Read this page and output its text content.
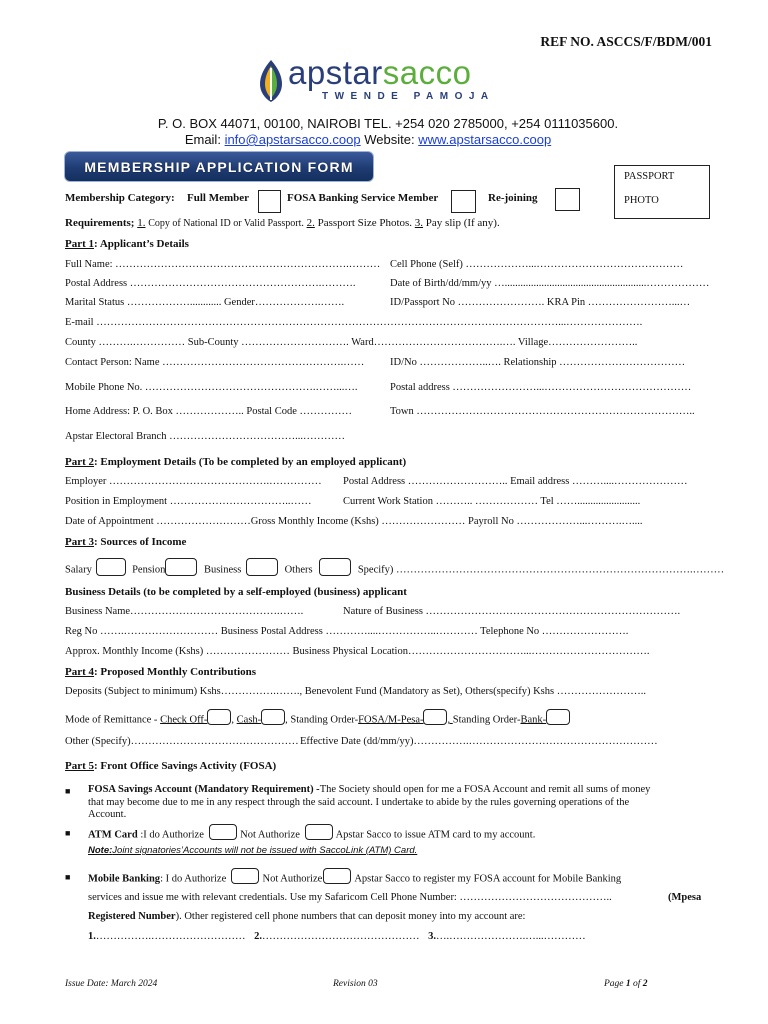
REF NO. ASCCS/F/BDM/001
apstarsacco
TWENDE PAMOJA
P. O. BOX 44071, 00100, NAIROBI TEL. +254 020 2785000, +254 0111035600.
Email: info@apstarsacco.coop Website: www.apstarsacco.coop
MEMBERSHIP APPLICATION FORM
PASSPORT
PHOTO
Membership Category: Full Member	FOSA Banking Service Member	Re-joining
Requirements; 1. Copy of National ID or Valid Passport. 2. Passport Size Photos. 3. Pay slip (If any).
Part 1: Applicant’s Details
Full Name: ………………………………………………………….……… Cell Phone (Self) ………………...……………………………………
Postal Address ……………………………………………….……….	Date of Birth/dd/mm/yy …......................................................………………
Marital Status ………………............ Gender……………….…….	ID/Passport No ……………………. KRA Pin ……………………...…
E-mail ……………………………………………………………………………………………………………………...………………….
County ……….…………… Sub-County …………………………. Ward……………………………….…. Village……………………..
Contact Person: Name …………………………………………….…… ID/No ………………..…. Relationship ………………………………
Mobile Phone No. ………………………………………….……...….	Postal address ……………………...……………………………………
Home Address: P. O. Box ……………….. Postal Code ……………	Town ……………………………………………………………………..
Apstar Electoral Branch ………………………………...…………
Part 2: Employment Details (To be completed by an employed applicant)
Employer ……………………………………….…………… Postal Address ……………………….. Email address ………....…………………
Position in Employment ……………………………..……	Current Work Station ……….. ……………… Tel ……........................
Date of Appointment ………………………Gross Monthly Income (Kshs) …………………… Payroll No ………………...……….…....
Part 3: Sources of Income
Salary	Pension	Business	Others	Specify) ………………………………………………………………………….………
Business Details (to be completed by a self-employed (business) applicant
Business Name…………………………………….…….	Nature of Business ……………………………………………………………….
Reg No …….……………………… Business Postal Address …………....……………..………… Telephone No …………………….
Approx. Monthly Income (Kshs) …………………… Business Physical Location……………………………...…………………………….
Part 4: Proposed Monthly Contributions
Deposits (Subject to minimum) Kshs…………….……., Benevolent Fund (Mandatory as Set), Others(specify) Kshs ……………………..
Mode of Remittance - Check Off- , Cash- , Standing Order-FOSA/M-Pesa- , Standing Order-Bank-
Other (Specify)………………………………………… Effective Date (dd/mm/yy)…………….………………………………………………
Part 5: Front Office Savings Activity (FOSA)
■ FOSA Savings Account (Mandatory Requirement) -The Society should open for me a FOSA Account and remit all sums of money
that may become due to me in any respect through the said account. I undertake to abide by the rules governing operations of the
Account.
■ ATM Card :I do Authorize	Not Authorize	Apstar Sacco to issue ATM card to my account.
Note:Joint signatories’Accounts will not be issued with SaccoLink (ATM) Card.
■ Mobile Banking: I do Authorize	Not Authorize	Apstar Sacco to register my FOSA account for Mobile Banking
services and issue me with relevant credentials. Use my Safaricom Cell Phone Number: ……………………………………..	(Mpesa
Registered Number). Other registered cell phone numbers that can deposit money into my account are:
1.…………….……………………… 2.……………………………………… 3.….………………….…...…………
Issue Date: March 2024	Revision 03	Page 1 of 2
